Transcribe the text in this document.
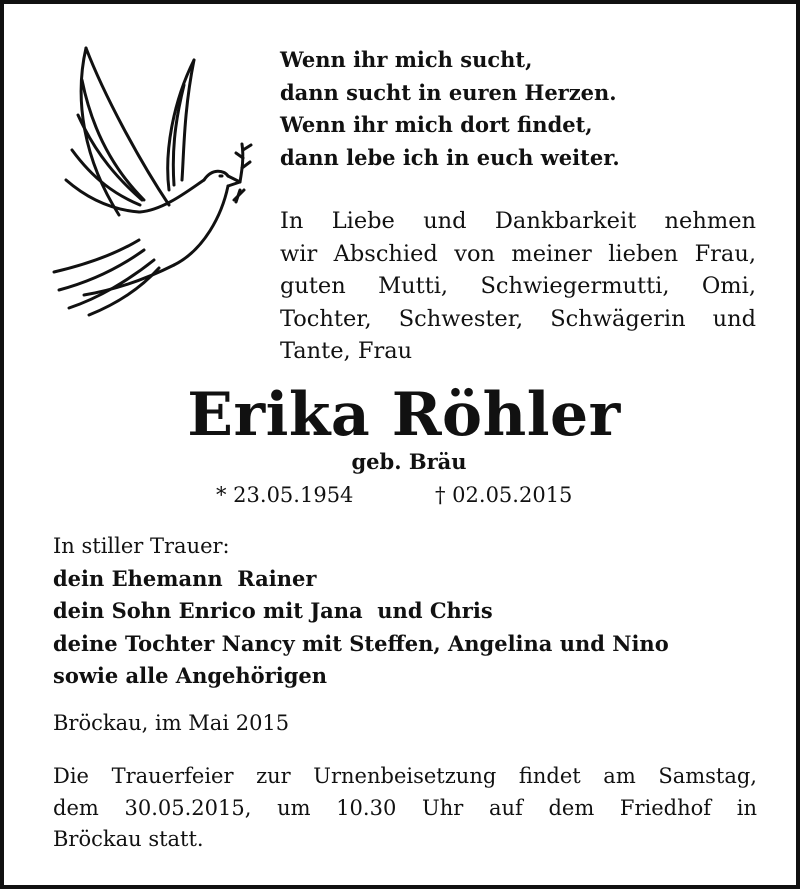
Wenn ihr mich sucht,
dann sucht in euren Herzen.
Wenn ihr mich dort findet,
dann lebe ich in euch weiter.
In Liebe und Dankbarkeit nehmen
wir Abschied von meiner lieben Frau,
guten Mutti, Schwiegermutti, Omi,
Tochter, Schwester, Schwägerin und
Tante, Frau
Erika Röhler
geb. Bräu
* 23.05.1954	† 02.05.2015
In stiller Trauer:
dein Ehemann  Rainer
dein Sohn Enrico mit Jana  und Chris
deine Tochter Nancy mit Steffen, Angelina und Nino
sowie alle Angehörigen
Bröckau, im Mai 2015
Die Trauerfeier zur Urnenbeisetzung findet am Samstag,
dem 30.05.2015, um 10.30 Uhr auf dem Friedhof in
Bröckau statt.
